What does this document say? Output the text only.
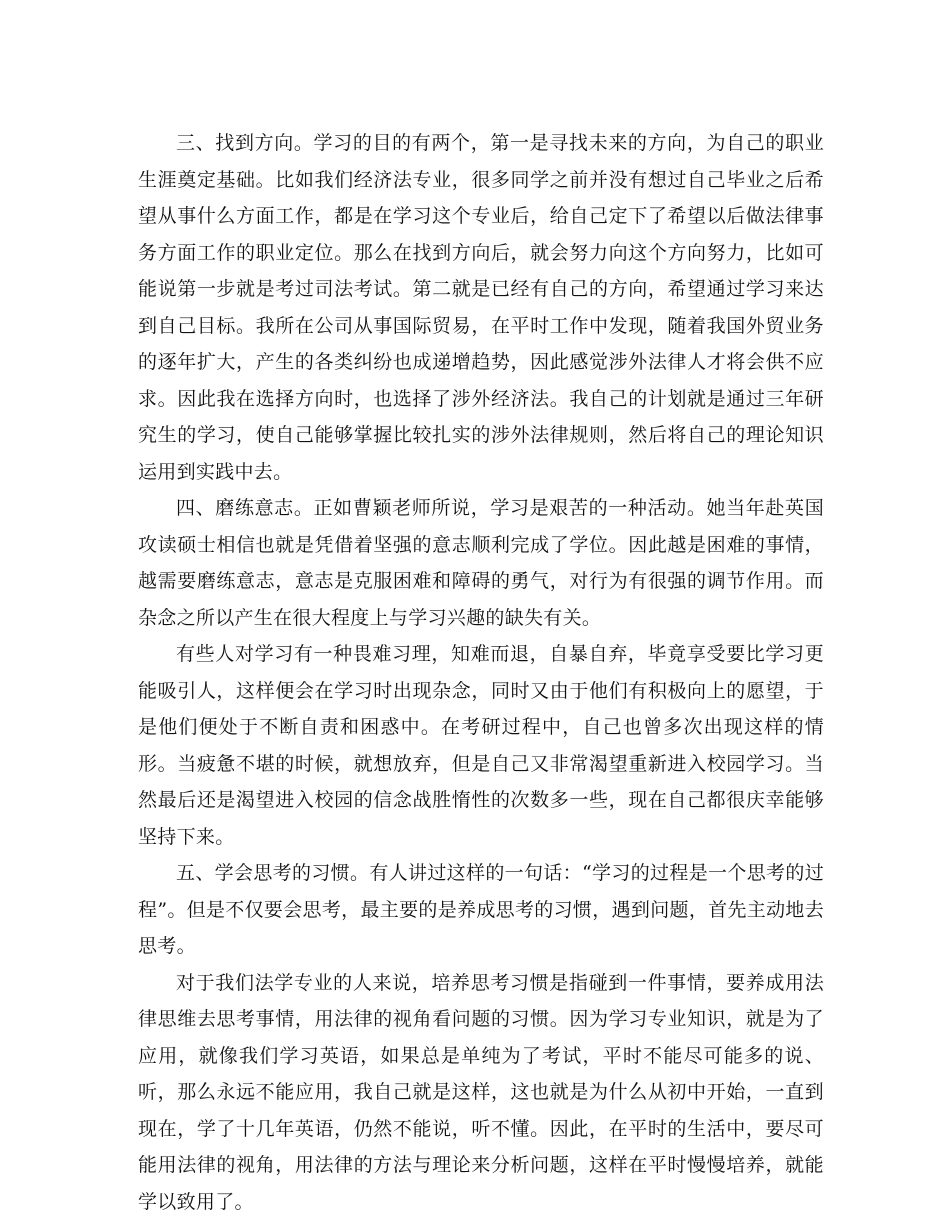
三、找到方向。学习的目的有两个，第一是寻找未来的方向，为自己的职业生涯奠定基础。比如我们经济法专业，很多同学之前并没有想过自己毕业之后希望从事什么方面工作，都是在学习这个专业后，给自己定下了希望以后做法律事务方面工作的职业定位。那么在找到方向后，就会努力向这个方向努力，比如可能说第一步就是考过司法考试。第二就是已经有自己的方向，希望通过学习来达到自己目标。我所在公司从事国际贸易，在平时工作中发现，随着我国外贸业务的逐年扩大，产生的各类纠纷也成递增趋势，因此感觉涉外法律人才将会供不应求。因此我在选择方向时，也选择了涉外经济法。我自己的计划就是通过三年研究生的学习，使自己能够掌握比较扎实的涉外法律规则，然后将自己的理论知识运用到实践中去。

四、磨练意志。正如曹颖老师所说，学习是艰苦的一种活动。她当年赴英国攻读硕士相信也就是凭借着坚强的意志顺利完成了学位。因此越是困难的事情，越需要磨练意志，意志是克服困难和障碍的勇气，对行为有很强的调节作用。而杂念之所以产生在很大程度上与学习兴趣的缺失有关。

有些人对学习有一种畏难习理，知难而退，自暴自弃，毕竟享受要比学习更能吸引人，这样便会在学习时出现杂念，同时又由于他们有积极向上的愿望，于是他们便处于不断自责和困惑中。在考研过程中，自己也曾多次出现这样的情形。当疲惫不堪的时候，就想放弃，但是自己又非常渴望重新进入校园学习。当然最后还是渴望进入校园的信念战胜惰性的次数多一些，现在自己都很庆幸能够坚持下来。

五、学会思考的习惯。有人讲过这样的一句话：“学习的过程是一个思考的过程”。但是不仅要会思考，最主要的是养成思考的习惯，遇到问题，首先主动地去思考。

对于我们法学专业的人来说，培养思考习惯是指碰到一件事情，要养成用法律思维去思考事情，用法律的视角看问题的习惯。因为学习专业知识，就是为了应用，就像我们学习英语，如果总是单纯为了考试，平时不能尽可能多的说、听，那么永远不能应用，我自己就是这样，这也就是为什么从初中开始，一直到现在，学了十几年英语，仍然不能说，听不懂。因此，在平时的生活中，要尽可能用法律的视角，用法律的方法与理论来分析问题，这样在平时慢慢培养，就能学以致用了。
